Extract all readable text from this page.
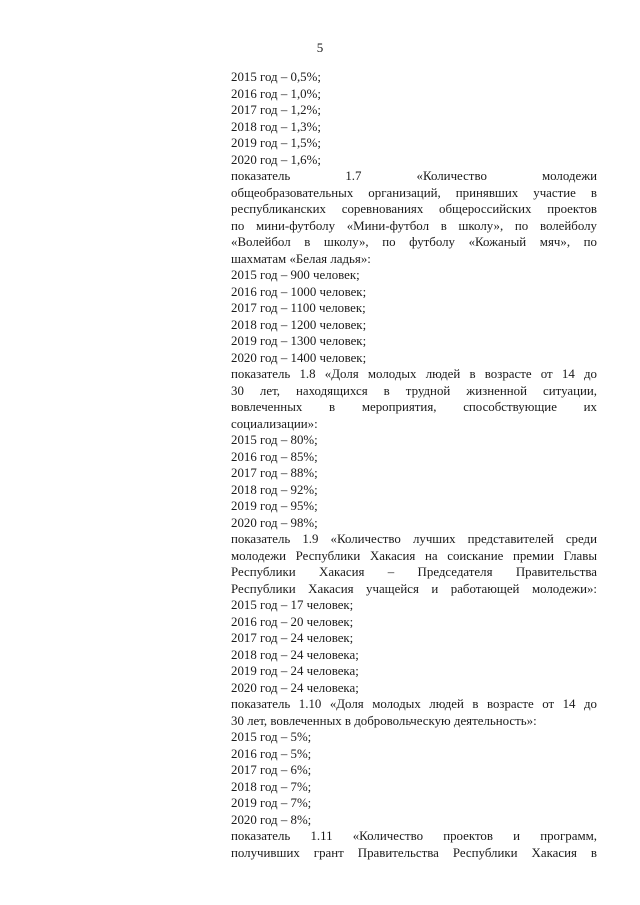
5
2015 год – 0,5%;
2016 год – 1,0%;
2017 год – 1,2%;
2018 год – 1,3%;
2019 год – 1,5%;
2020 год – 1,6%;
показатель 1.7 «Количество молодежи
общеобразовательных организаций, принявших участие в
республиканских соревнованиях общероссийских проектов
по мини-футболу «Мини-футбол в школу», по волейболу
«Волейбол в школу», по футболу «Кожаный мяч», по
шахматам «Белая ладья»:
2015 год – 900 человек;
2016 год – 1000 человек;
2017 год – 1100 человек;
2018 год – 1200 человек;
2019 год – 1300 человек;
2020 год – 1400 человек;
показатель 1.8 «Доля молодых людей в возрасте от 14 до
30 лет, находящихся в трудной жизненной ситуации,
вовлеченных в мероприятия, способствующие их
социализации»:
2015 год – 80%;
2016 год – 85%;
2017 год – 88%;
2018 год – 92%;
2019 год – 95%;
2020 год – 98%;
показатель 1.9 «Количество лучших представителей среди
молодежи Республики Хакасия на соискание премии Главы
Республики Хакасия – Председателя Правительства
Республики Хакасия учащейся и работающей молодежи»:
2015 год – 17 человек;
2016 год – 20 человек;
2017 год – 24 человек;
2018 год – 24 человека;
2019 год – 24 человека;
2020 год – 24 человека;
показатель 1.10 «Доля молодых людей в возрасте от 14 до
30 лет, вовлеченных в добровольческую деятельность»:
2015 год – 5%;
2016 год – 5%;
2017 год – 6%;
2018 год – 7%;
2019 год – 7%;
2020 год – 8%;
показатель 1.11 «Количество проектов и программ,
получивших грант Правительства Республики Хакасия в
